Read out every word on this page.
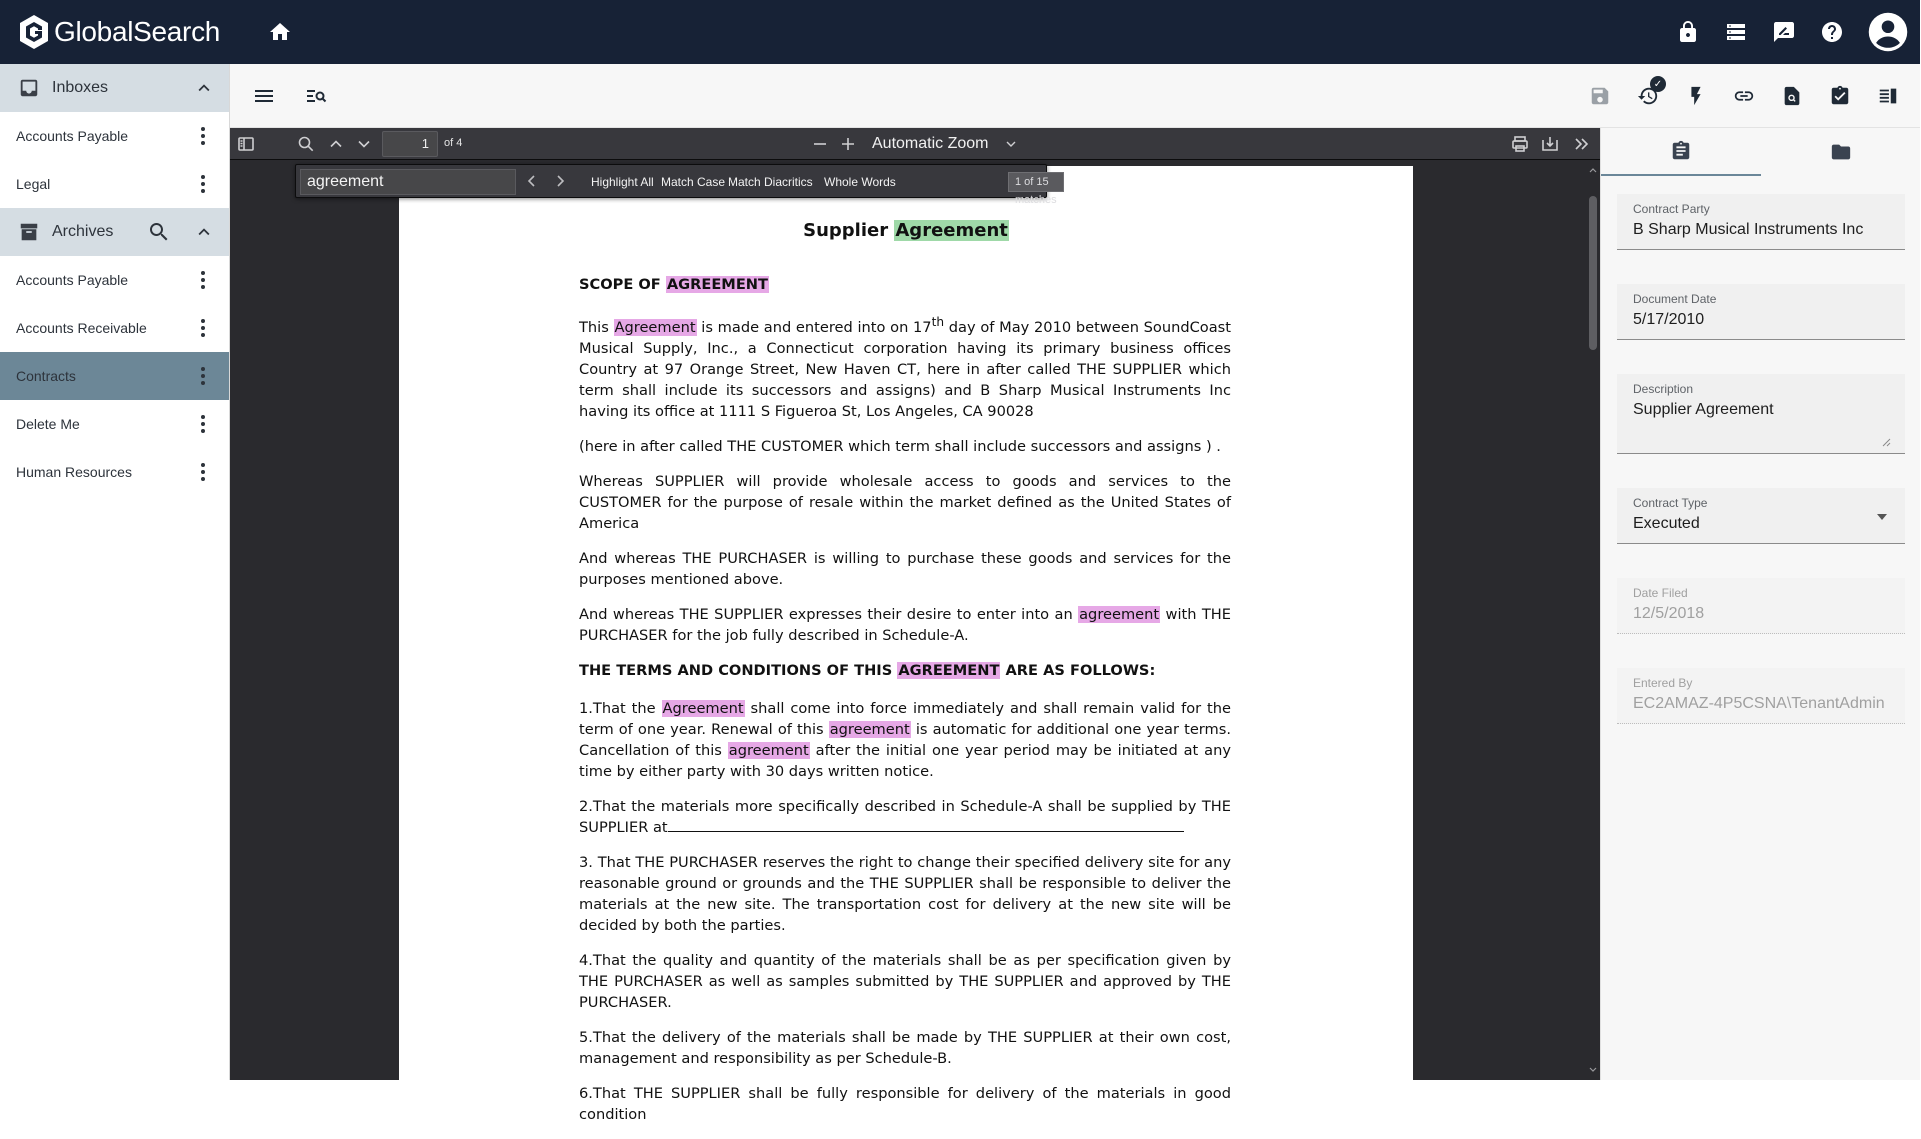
GlobalSearch
Inboxes
Accounts Payable
Legal
Archives
Accounts Payable
Accounts Receivable
Contracts
Delete Me
Human Resources
✓
1	of 4	Automatic Zoom
Supplier Agreement

SCOPE OF AGREEMENT

This Agreement is made and entered into on 17th day of May 2010 between SoundCoast Musical Supply, Inc., a Connecticut corporation having its primary business offices Country at 97 Orange Street, New Haven CT, here in after called THE SUPPLIER which term shall include its successors and assigns) and B Sharp Musical Instruments Inc having its office at 1111 S Figueroa St, Los Angeles, CA 90028

(here in after called THE CUSTOMER which term shall include successors and assigns ) .

Whereas SUPPLIER will provide wholesale access to goods and services to the CUSTOMER for the purpose of resale within the market defined as the United States of America

And whereas THE PURCHASER is willing to purchase these goods and services for the purposes mentioned above.

And whereas THE SUPPLIER expresses their desire to enter into an agreement with THE PURCHASER for the job fully described in Schedule-A.

THE TERMS AND CONDITIONS OF THIS AGREEMENT ARE AS FOLLOWS:

1.That the Agreement shall come into force immediately and shall remain valid for the term of one year. Renewal of this agreement is automatic for additional one year terms. Cancellation of this agreement after the initial one year period may be initiated at any time by either party with 30 days written notice.

2.That the materials more specifically described in Schedule-A shall be supplied by THE SUPPLIER at

3. That THE PURCHASER reserves the right to change their specified delivery site for any reasonable ground or grounds and the THE SUPPLIER shall be responsible to deliver the materials at the new site. The transportation cost for delivery at the new site will be decided by both the parties.

4.That the quality and quantity of the materials shall be as per specification given by THE PURCHASER as well as samples submitted by THE SUPPLIER and approved by THE PURCHASER.

5.That the delivery of the materials shall be made by THE SUPPLIER at their own cost, management and responsibility as per Schedule-B.

6.That THE SUPPLIER shall be fully responsible for delivery of the materials in good condition

agreement	Highlight All Match Case Match Diacritics Whole Words	1 of 15 matches
Contract Party
B Sharp Musical Instruments Inc
Document Date
5/17/2010
Description
Supplier Agreement
Contract Type
Executed
Date Filed
12/5/2018
Entered By
EC2AMAZ-4P5CSNA\TenantAdmin
